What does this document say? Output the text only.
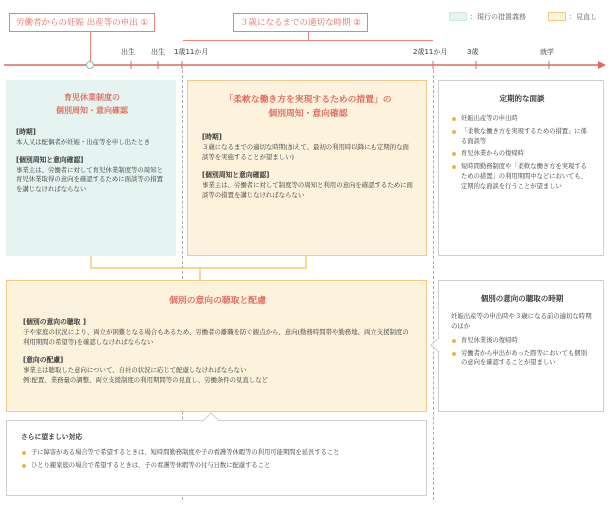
労働者からの妊娠 出産等の申出 ①	３歳になるまでの適切な時期 ②
：現行の措置義務	：見直し
出生 出生 1歳11か月	2歳11か月	3歳	就学
育児休業制度の
個別周知・意向確認
[時期]
本人又は配偶者が妊娠・出産等を申し出たとき
[個別周知と意向確認]
事業主は、労働者に対して育児休業制度等の周知と育児休業取得の意向を確認するために面談等の措置を講じなければならない
「柔軟な働き方を実現するための措置」の
個別周知・意向確認
[時期]
３歳になるまでの適切な時期(加えて、最初の利用時以降にも定期的な面談等を実施することが望ましい)
[個別周知と意向確認]
事業主は、労働者に対して制度等の周知と利用の意向を確認するために面談等の措置を講じなければならない
定期的な面談
妊娠出産等の申出時
「柔軟な働き方を実現するための措置」に係る面談等
育児休業からの復帰時
短時間勤務制度や「柔軟な働き方を実現するための措置」の利用期間中などにおいても、定期的な面談を行うことが望ましい
個別の意向の聴取と配慮
[個別の意向の聴取 ]
子や家庭の状況により、両立が困難となる場合もあるため、労働者の離職を防ぐ観点から、意向(勤務時間帯や勤務地、両立支援制度の利用期間の希望等)を確認しなければならない
[意向の配慮]
事業主は聴取した意向について、自社の状況に応じて配慮しなければならない
例:配置、業務量の調整、両立支援制度の利用期間等の見直し、労働条件の見直しなど
個別の意向の聴取の時期
妊娠出産等の申出時や３歳になる前の適切な時期のほか
育児休業後の復帰時
労働者から申出があった際等においても個別の意向を確認することが望ましい
さらに望ましい対応
子に障害がある場合等で希望するときは、短時間勤務制度や子の看護等休暇等の利用可能期間を延長すること
ひとり親家庭の場合で希望するときは、子の看護等休暇等の付与日数に配慮すること
